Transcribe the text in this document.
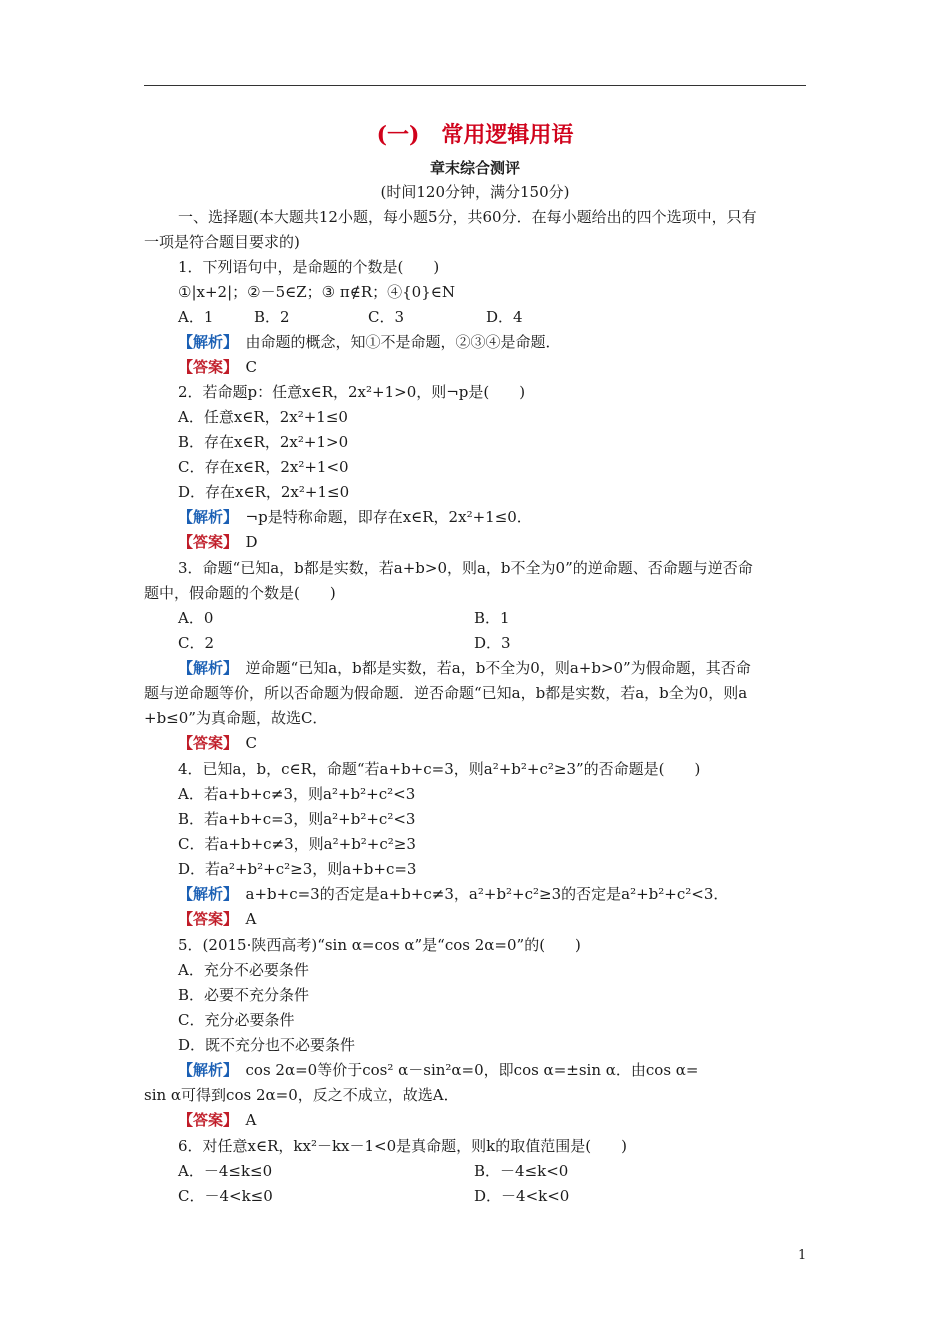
(一)　常用逻辑用语
章末综合测评
(时间120分钟，满分150分)
一、选择题(本大题共12小题，每小题5分，共60分．在每小题给出的四个选项中，只有
一项是符合题目要求的)
1．下列语句中，是命题的个数是(　　)
①|x+2|；②－5∈Z；③ π∉R；④{0}∈N
A．1	B．2	C．3	D．4
【解析】　 由命题的概念，知①不是命题，②③④是命题．
【答案】　 C
2．若命题p：任意x∈R，2x²+1>0，则¬p是(　　)
A．任意x∈R，2x²+1≤0
B．存在x∈R，2x²+1>0
C．存在x∈R，2x²+1<0
D．存在x∈R，2x²+1≤0
【解析】　 ¬p是特称命题，即存在x∈R，2x²+1≤0．
【答案】　 D
3．命题“已知a，b都是实数，若a+b>0，则a，b不全为0”的逆命题、否命题与逆否命
题中，假命题的个数是(　　)
A．0	B．1
C．2	D．3
【解析】　 逆命题“已知a，b都是实数，若a，b不全为0，则a+b>0”为假命题，其否命
题与逆命题等价，所以否命题为假命题．逆否命题“已知a，b都是实数，若a，b全为0，则a
+b≤0”为真命题，故选C．
【答案】　 C
4．已知a，b，c∈R，命题“若a+b+c=3，则a²+b²+c²≥3”的否命题是(　　)
A．若a+b+c≠3，则a²+b²+c²<3
B．若a+b+c=3，则a²+b²+c²<3
C．若a+b+c≠3，则a²+b²+c²≥3
D．若a²+b²+c²≥3，则a+b+c=3
【解析】　 a+b+c=3的否定是a+b+c≠3，a²+b²+c²≥3的否定是a²+b²+c²<3．
【答案】　 A
5．(2015·陕西高考)“sin α=cos α”是“cos 2α=0”的(　　)
A．充分不必要条件
B．必要不充分条件
C．充分必要条件
D．既不充分也不必要条件
【解析】　 cos 2α=0等价于cos² α－sin²α=0，即cos α=±sin α．由cos α=
sin α可得到cos 2α=0，反之不成立，故选A．
【答案】　 A
6．对任意x∈R，kx²－kx－1<0是真命题，则k的取值范围是(　　)
A．－4≤k≤0	B．－4≤k<0
C．－4<k≤0	D．－4<k<0
1
